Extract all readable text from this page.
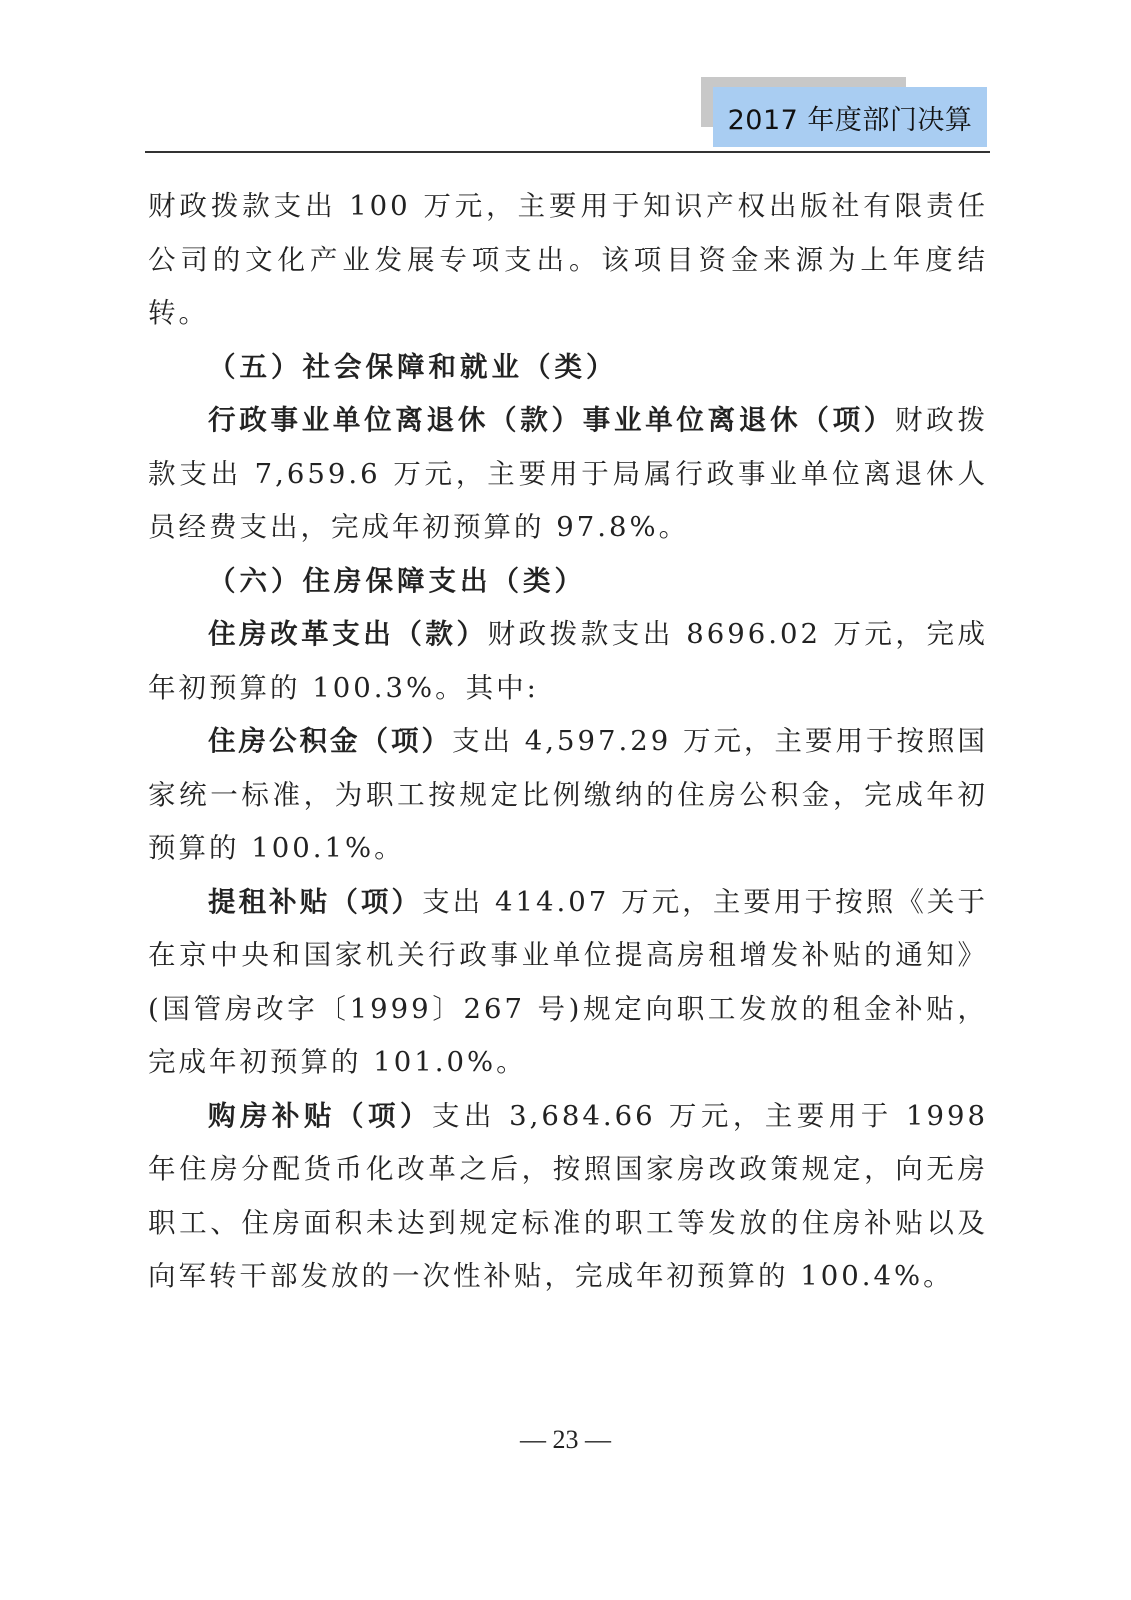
2017 年度部门决算

财政拨款支出 100 万元，主要用于知识产权出版社有限责任公司的文化产业发展专项支出。该项目资金来源为上年度结转。

（五）社会保障和就业（类）

行政事业单位离退休（款）事业单位离退休（项）财政拨款支出 7,659.6 万元，主要用于局属行政事业单位离退休人员经费支出，完成年初预算的 97.8%。

（六）住房保障支出（类）

住房改革支出（款）财政拨款支出 8696.02 万元，完成年初预算的 100.3%。其中:

住房公积金（项）支出 4,597.29 万元，主要用于按照国家统一标准，为职工按规定比例缴纳的住房公积金，完成年初预算的 100.1%。

提租补贴（项）支出 414.07 万元，主要用于按照《关于在京中央和国家机关行政事业单位提高房租增发补贴的通知》(国管房改字〔1999〕267 号)规定向职工发放的租金补贴，完成年初预算的 101.0%。

购房补贴（项）支出 3,684.66 万元，主要用于 1998 年住房分配货币化改革之后，按照国家房改政策规定，向无房职工、住房面积未达到规定标准的职工等发放的住房补贴以及向军转干部发放的一次性补贴，完成年初预算的 100.4%。

— 23 —
